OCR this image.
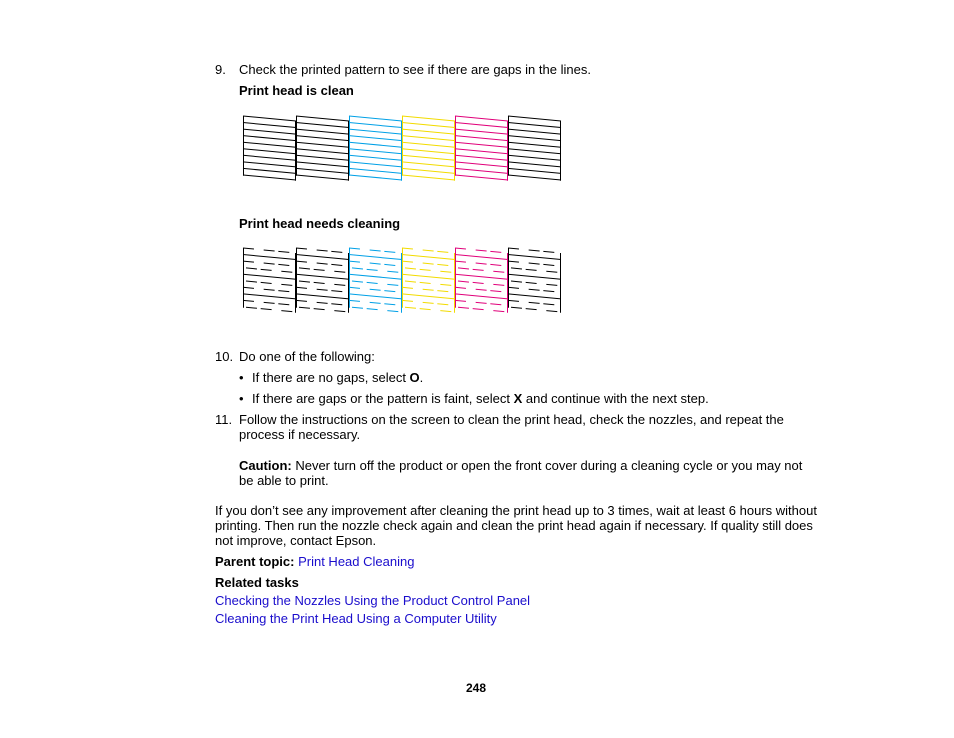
9. Check the printed pattern to see if there are gaps in the lines.
Print head is clean
Print head needs cleaning
10. Do one of the following:
• If there are no gaps, select O.
• If there are gaps or the pattern is faint, select X and continue with the next step.
11. Follow the instructions on the screen to clean the print head, check the nozzles, and repeat the
process if necessary.
Caution: Never turn off the product or open the front cover during a cleaning cycle or you may not
be able to print.
If you don’t see any improvement after cleaning the print head up to 3 times, wait at least 6 hours without
printing. Then run the nozzle check again and clean the print head again if necessary. If quality still does
not improve, contact Epson.
Parent topic: Print Head Cleaning
Related tasks
Checking the Nozzles Using the Product Control Panel
Cleaning the Print Head Using a Computer Utility
248
